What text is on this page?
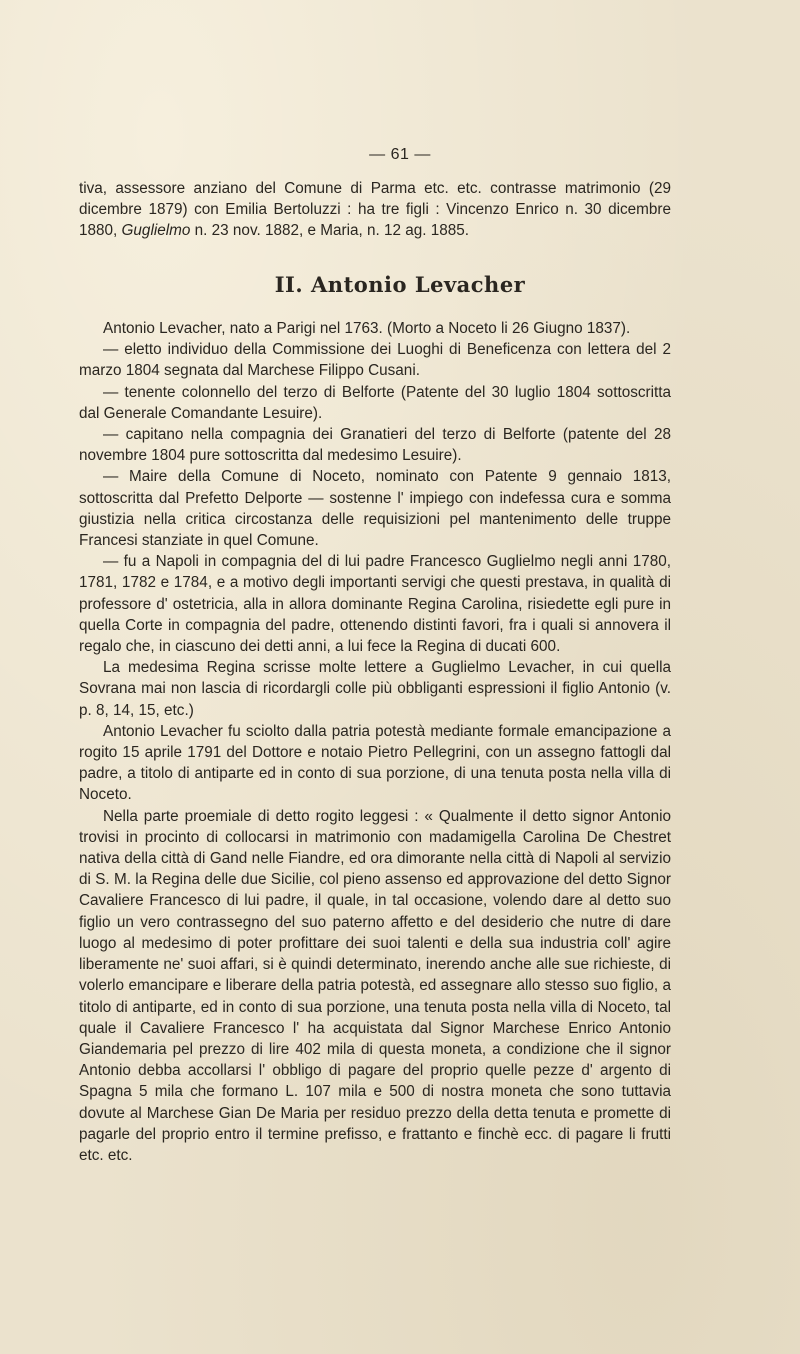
— 61 —

tiva, assessore anziano del Comune di Parma etc. etc. contrasse matrimonio (29 dicembre 1879) con Emilia Bertoluzzi : ha tre figli : Vincenzo Enrico n. 30 dicembre 1880, Guglielmo n. 23 nov. 1882, e Maria, n. 12 ag. 1885.

II. Antonio Levacher

Antonio Levacher, nato a Parigi nel 1763. (Morto a Noceto li 26 Giugno 1837).

— eletto individuo della Commissione dei Luoghi di Beneficenza con lettera del 2 marzo 1804 segnata dal Marchese Filippo Cusani.

— tenente colonnello del terzo di Belforte (Patente del 30 luglio 1804 sottoscritta dal Generale Comandante Lesuire).

— capitano nella compagnia dei Granatieri del terzo di Belforte (patente del 28 novembre 1804 pure sottoscritta dal medesimo Lesuire).

— Maire della Comune di Noceto, nominato con Patente 9 gennaio 1813, sottoscritta dal Prefetto Delporte — sostenne l' impiego con indefessa cura e somma giustizia nella critica circostanza delle requisizioni pel mantenimento delle truppe Francesi stanziate in quel Comune.

— fu a Napoli in compagnia del di lui padre Francesco Guglielmo negli anni 1780, 1781, 1782 e 1784, e a motivo degli importanti servigi che questi prestava, in qualità di professore d' ostetricia, alla in allora dominante Regina Carolina, risiedette egli pure in quella Corte in compagnia del padre, ottenendo distinti favori, fra i quali si annovera il regalo che, in ciascuno dei detti anni, a lui fece la Regina di ducati 600.

La medesima Regina scrisse molte lettere a Guglielmo Levacher, in cui quella Sovrana mai non lascia di ricordargli colle più obbliganti espressioni il figlio Antonio (v. p. 8, 14, 15, etc.)

Antonio Levacher fu sciolto dalla patria potestà mediante formale emancipazione a rogito 15 aprile 1791 del Dottore e notaio Pietro Pellegrini, con un assegno fattogli dal padre, a titolo di antiparte ed in conto di sua porzione, di una tenuta posta nella villa di Noceto.

Nella parte proemiale di detto rogito leggesi : « Qualmente il detto signor Antonio trovisi in procinto di collocarsi in matrimonio con madamigella Carolina De Chestret nativa della città di Gand nelle Fiandre, ed ora dimorante nella città di Napoli al servizio di S. M. la Regina delle due Sicilie, col pieno assenso ed approvazione del detto Signor Cavaliere Francesco di lui padre, il quale, in tal occasione, volendo dare al detto suo figlio un vero contrassegno del suo paterno affetto e del desiderio che nutre di dare luogo al medesimo di poter profittare dei suoi talenti e della sua industria coll' agire liberamente ne' suoi affari, si è quindi determinato, inerendo anche alle sue richieste, di volerlo emancipare e liberare della patria potestà, ed assegnare allo stesso suo figlio, a titolo di antiparte, ed in conto di sua porzione, una tenuta posta nella villa di Noceto, tal quale il Cavaliere Francesco l' ha acquistata dal Signor Marchese Enrico Antonio Giandemaria pel prezzo di lire 402 mila di questa moneta, a condizione che il signor Antonio debba accollarsi l' obbligo di pagare del proprio quelle pezze d' argento di Spagna 5 mila che formano L. 107 mila e 500 di nostra moneta che sono tuttavia dovute al Marchese Gian De Maria per residuo prezzo della detta tenuta e promette di pagarle del proprio entro il termine prefisso, e frattanto e finchè ecc. di pagare li frutti etc. etc.
